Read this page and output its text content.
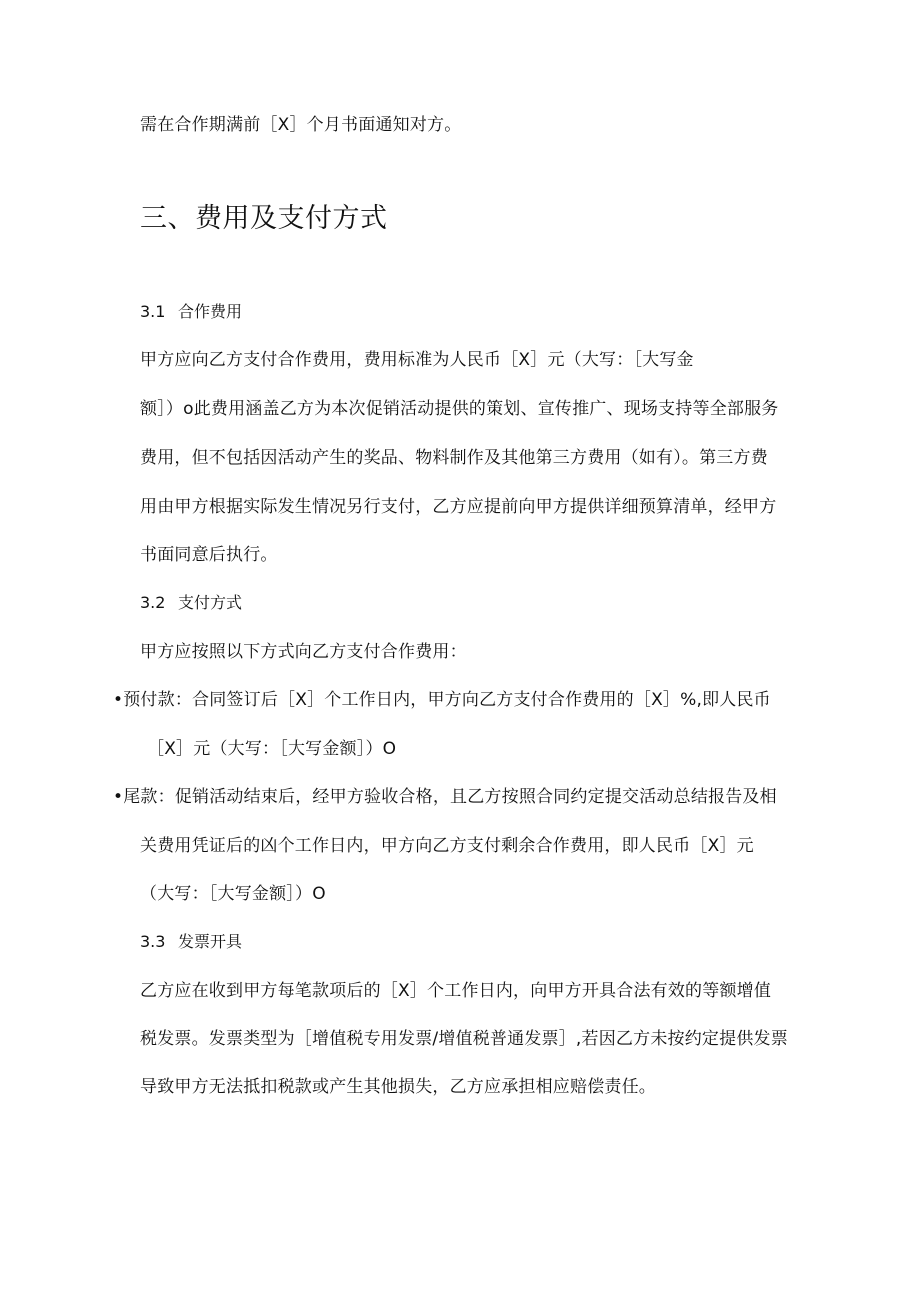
需在合作期满前［X］个月书面通知对方。
三、费用及支付方式
3.1 合作费用
甲方应向乙方支付合作费用，费用标准为人民币［X］元（大写：［大写金
额］）o此费用涵盖乙方为本次促销活动提供的策划、宣传推广、现场支持等全部服务
费用，但不包括因活动产生的奖品、物料制作及其他第三方费用（如有）。第三方费
用由甲方根据实际发生情况另行支付，乙方应提前向甲方提供详细预算清单，经甲方
书面同意后执行。
3.2 支付方式
甲方应按照以下方式向乙方支付合作费用：
•预付款：合同签订后［X］个工作日内，甲方向乙方支付合作费用的［X］%,即人民币
［X］元（大写：［大写金额］）O
•尾款：促销活动结束后，经甲方验收合格，且乙方按照合同约定提交活动总结报告及相
关费用凭证后的凶个工作日内，甲方向乙方支付剩余合作费用，即人民币［X］元
（大写：［大写金额］）O
3.3 发票开具
乙方应在收到甲方每笔款项后的［X］个工作日内，向甲方开具合法有效的等额增值
税发票。发票类型为［增值税专用发票/增值税普通发票］,若因乙方未按约定提供发票
导致甲方无法抵扣税款或产生其他损失，乙方应承担相应赔偿责任。
